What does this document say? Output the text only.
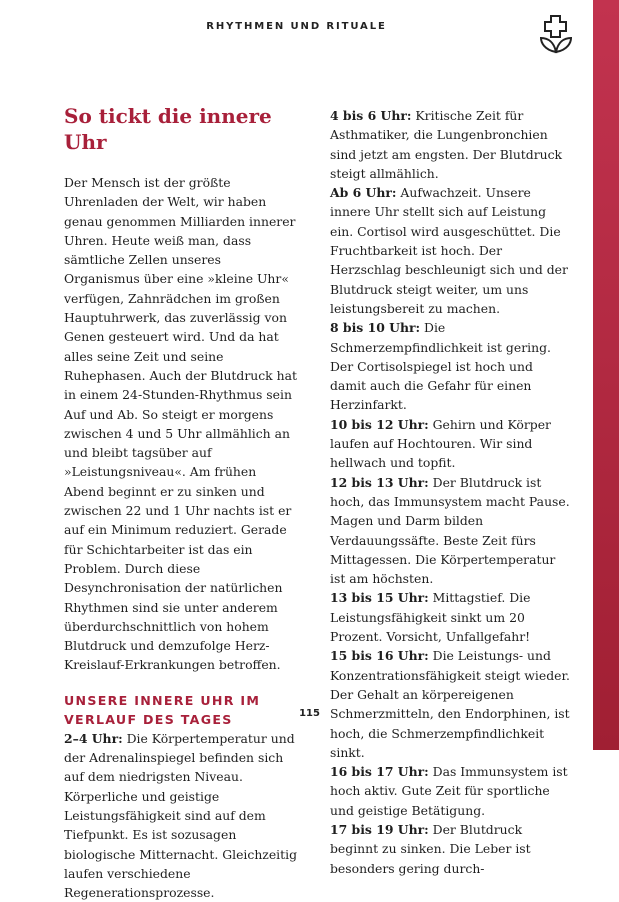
RHYTHMEN UND RITUALE
So tickt die innere Uhr

Der Mensch ist der größte Uhrenladen der Welt, wir haben genau genommen Milliarden innerer Uhren. Heute weiß man, dass sämtliche Zellen unseres Organismus über eine »kleine Uhr« verfügen, Zahnrädchen im großen Hauptuhrwerk, das zuverlässig von Genen gesteuert wird. Und da hat alles seine Zeit und seine Ruhephasen. Auch der Blutdruck hat in einem 24-Stunden-Rhythmus sein Auf und Ab. So steigt er morgens zwischen 4 und 5 Uhr allmählich an und bleibt tagsüber auf »Leistungsniveau«. Am frühen Abend beginnt er zu sinken und zwischen 22 und 1 Uhr nachts ist er auf ein Minimum reduziert. Gerade für Schichtarbeiter ist das ein Problem. Durch diese Desynchronisation der natürlichen Rhythmen sind sie unter anderem überdurchschnittlich von hohem Blutdruck und demzufolge Herz-Kreislauf-Erkrankungen betroffen.

UNSERE INNERE UHR IM VERLAUF DES TAGES

2–4 Uhr: Die Körpertemperatur und der Adrenalinspiegel befinden sich auf dem niedrigsten Niveau. Körperliche und geistige Leistungsfähigkeit sind auf dem Tiefpunkt. Es ist sozusagen biologische Mitternacht. Gleichzeitig laufen verschiedene Regenerationsprozesse.

4 bis 6 Uhr: Kritische Zeit für Asthmatiker, die Lungenbronchien sind jetzt am engsten. Der Blutdruck steigt allmählich.

Ab 6 Uhr: Aufwachzeit. Unsere innere Uhr stellt sich auf Leistung ein. Cortisol wird ausgeschüttet. Die Fruchtbarkeit ist hoch. Der Herzschlag beschleunigt sich und der Blutdruck steigt weiter, um uns leistungsbereit zu machen.

8 bis 10 Uhr: Die Schmerzempfindlichkeit ist gering. Der Cortisolspiegel ist hoch und damit auch die Gefahr für einen Herzinfarkt.

10 bis 12 Uhr: Gehirn und Körper laufen auf Hochtouren. Wir sind hellwach und topfit.

12 bis 13 Uhr: Der Blutdruck ist hoch, das Immunsystem macht Pause. Magen und Darm bilden Verdauungssäfte. Beste Zeit fürs Mittagessen. Die Körpertemperatur ist am höchsten.

13 bis 15 Uhr: Mittagstief. Die Leistungsfähigkeit sinkt um 20 Prozent. Vorsicht, Unfallgefahr!

15 bis 16 Uhr: Die Leistungs- und Konzentrationsfähigkeit steigt wieder. Der Gehalt an körpereigenen Schmerzmitteln, den Endorphinen, ist hoch, die Schmerzempfindlichkeit sinkt.

16 bis 17 Uhr: Das Immunsystem ist hoch aktiv. Gute Zeit für sportliche und geistige Betätigung.

17 bis 19 Uhr: Der Blutdruck beginnt zu sinken. Die Leber ist besonders gering durch-

115
